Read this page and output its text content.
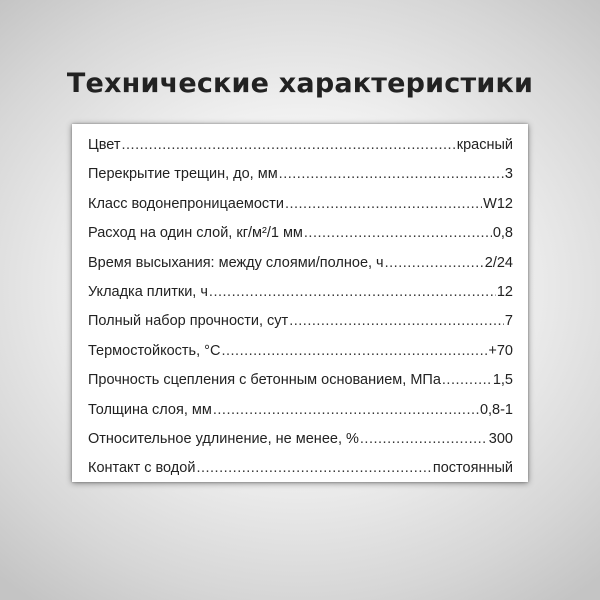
Технические характеристики
Цвет .....	красный
Перекрытие трещин, до, мм .....	3
Класс водонепроницаемости .....	W12
Расход на один слой, кг/м²/1 мм .....	0,8
Время высыхания: между слоями/полное, ч .....	2/24
Укладка плитки, ч .....	12
Полный набор прочности, сут .....	7
Термостойкость, °С .....	+70
Прочность сцепления с бетонным основанием, МПа .....	1,5
Толщина слоя, мм .....	0,8-1
Относительное удлинение, не менее, % .....	300
Контакт с водой .....	постоянный
